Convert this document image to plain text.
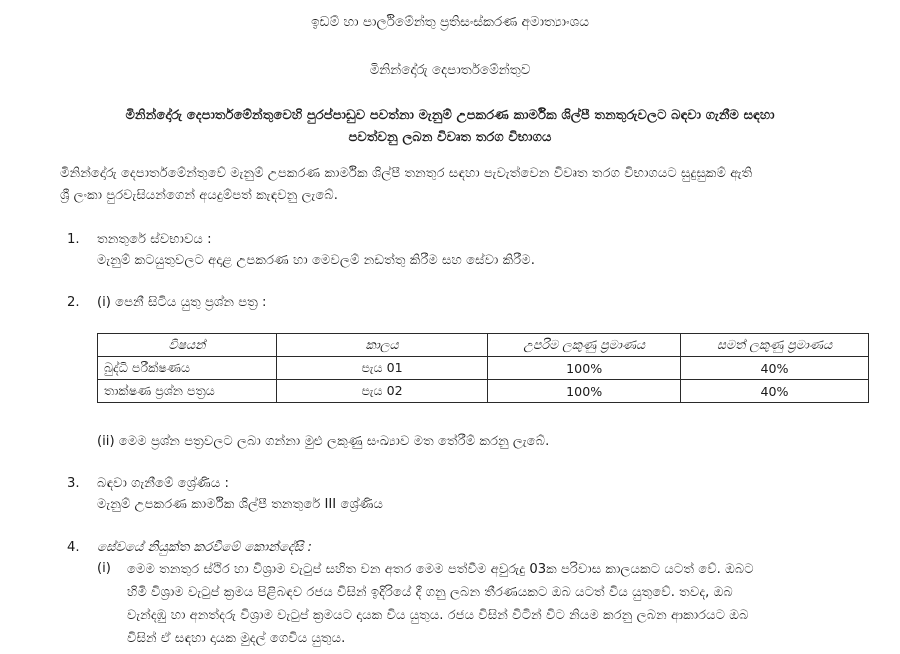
ඉඩම් හා පාර්ලිමේන්තු ප්‍රතිසංස්කරණ අමාත්‍යාංශය
මිනින්දෝරු දෙපාර්තමේන්තුව
මිනින්දෝරු දෙපාර්තමේන්තුවෙහි පුරප්පාඩුව පවත්නා මැනුම් උපකරණ කාර්මික ශිල්පී තනතුරුවලට බඳවා ගැනීම සඳහා
පවත්වනු ලබන විවෘත තරග විභාගය
මිනින්දෝරු දෙපාර්තමේන්තුවේ මැනුම් උපකරණ කාර්මික ශිල්පී තනතුර සඳහා පැවැත්වෙන විවෘත තරග විභාගයට සුදුසුකම් ඇති
ශ්‍රී ලංකා පුරවැසියන්ගෙන් අයදුම්පත් කැඳවනු ලැබේ.
1. තනතුරේ ස්වභාවය :
මැනුම් කටයුතුවලට අදාළ උපකරණ හා මෙවලම් නඩත්තු කිරීම සහ සේවා කිරීම.
2. (i) පෙනී සිටිය යුතු ප්‍රශ්න පත්‍ර :
විෂයන්	කාලය	උපරිම ලකුණු ප්‍රමාණය	සමත් ලකුණු ප්‍රමාණය
බුද්ධි පරීක්ෂණය	පැය 01	100%	40%
තාක්ෂණ ප්‍රශ්න පත්‍රය	පැය 02	100%	40%
(ii) මෙම ප්‍රශ්න පත්‍රවලට ලබා ගන්නා මුළු ලකුණු සංඛ්‍යාව මත තේරීම් කරනු ලැබේ.
3. බඳවා ගැනීමේ ශ්‍රේණිය :
මැනුම් උපකරණ කාර්මික ශිල්පී තනතුරේ III ශ්‍රේණිය
4. සේවයේ නියුක්ත කරවීමේ කොන්දේසි :
(i) මෙම තනතුර ස්ථිර හා විශ්‍රාම වැටුප් සහිත වන අතර මෙම පත්වීම අවුරුදු 03ක පරිවාස කාලයකට යටත් වේ. ඔබට
හිමි විශ්‍රාම වැටුප් ක්‍රමය පිළිබඳව රජය විසින් ඉදිරියේ දී ගනු ලබන තීරණයකට ඔබ යටත් විය යුතුවේ. තවද, ඔබ
වැන්දඹු හා අනත්දරු විශ්‍රාම වැටුප් ක්‍රමයට දායක විය යුතුය. රජය විසින් විටින් විට නියම කරනු ලබන ආකාරයට ඔබ
විසින් ඒ සඳහා දායක මුදල් ගෙවිය යුතුය.
